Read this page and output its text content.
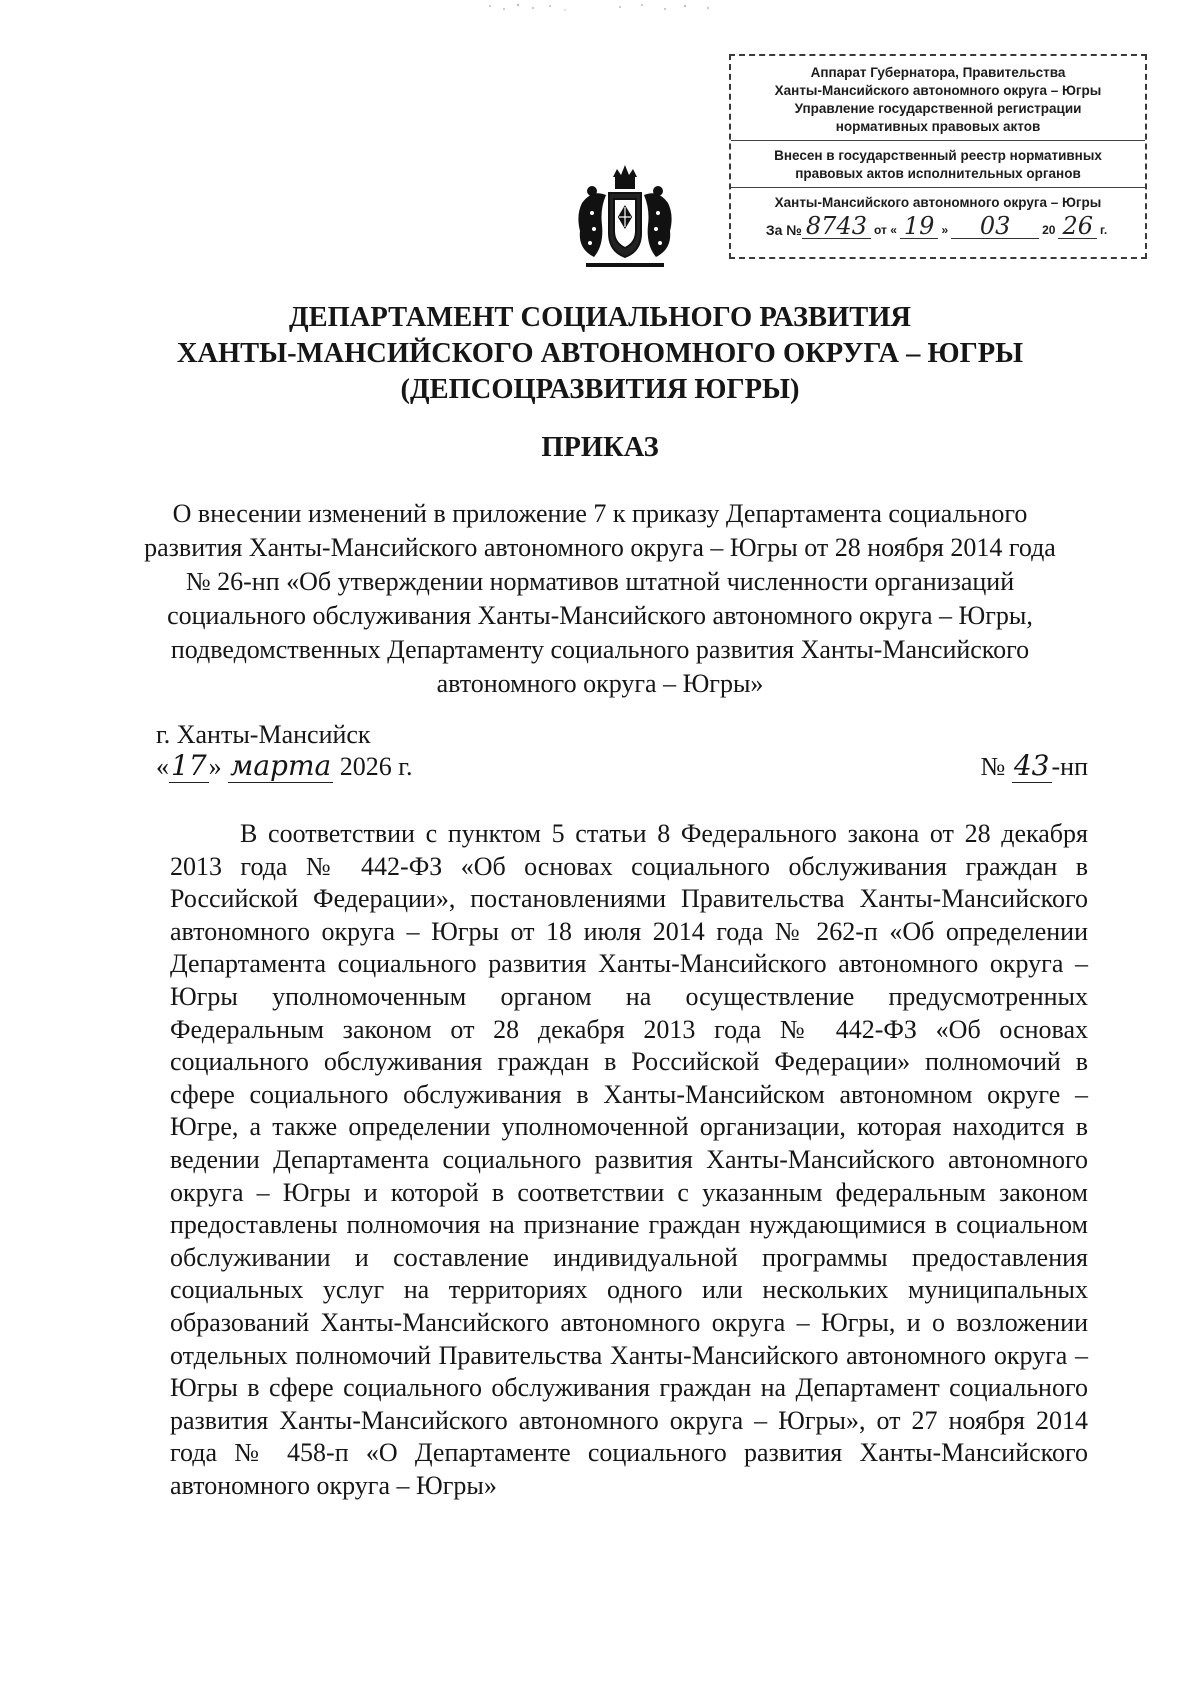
Аппарат Губернатора, Правительства
Ханты-Мансийского автономного округа – Югры
Управление государственной регистрации
нормативных правовых актов
Внесен в государственный реестр нормативных
правовых актов исполнительных органов
Ханты-Мансийского автономного округа – Югры
За № 8743 от « 19 »	03	20 26 г.
ДЕПАРТАМЕНТ СОЦИАЛЬНОГО РАЗВИТИЯ
ХАНТЫ-МАНСИЙСКОГО АВТОНОМНОГО ОКРУГА – ЮГРЫ
(ДЕПСОЦРАЗВИТИЯ ЮГРЫ)
ПРИКАЗ
О внесении изменений в приложение 7 к приказу Департамента социального развития Ханты-Мансийского автономного округа – Югры от 28 ноября 2014 года № 26-нп «Об утверждении нормативов штатной численности организаций социального обслуживания Ханты-Мансийского автономного округа – Югры, подведомственных Департаменту социального развития Ханты-Мансийского автономного округа – Югры»
г. Ханты-Мансийск
«17» марта 2026 г.	№ 43-нп
В соответствии с пунктом 5 статьи 8 Федерального закона от 28 декабря 2013 года № 442-ФЗ «Об основах социального обслуживания граждан в Российской Федерации», постановлениями Правительства Ханты-Мансийского автономного округа – Югры от 18 июля 2014 года № 262-п «Об определении Департамента социального развития Ханты-Мансийского автономного округа – Югры уполномоченным органом на осуществление предусмотренных Федеральным законом от 28 декабря 2013 года № 442-ФЗ «Об основах социального обслуживания граждан в Российской Федерации» полномочий в сфере социального обслуживания в Ханты-Мансийском автономном округе – Югре, а также определении уполномоченной организации, которая находится в ведении Департамента социального развития Ханты-Мансийского автономного округа – Югры и которой в соответствии с указанным федеральным законом предоставлены полномочия на признание граждан нуждающимися в социальном обслуживании и составление индивидуальной программы предоставления социальных услуг на территориях одного или нескольких муниципальных образований Ханты-Мансийского автономного округа – Югры, и о возложении отдельных полномочий Правительства Ханты-Мансийского автономного округа – Югры в сфере социального обслуживания граждан на Департамент социального развития Ханты-Мансийского автономного округа – Югры», от 27 ноября 2014 года № 458-п «О Департаменте социального развития Ханты-Мансийского автономного округа – Югры»
